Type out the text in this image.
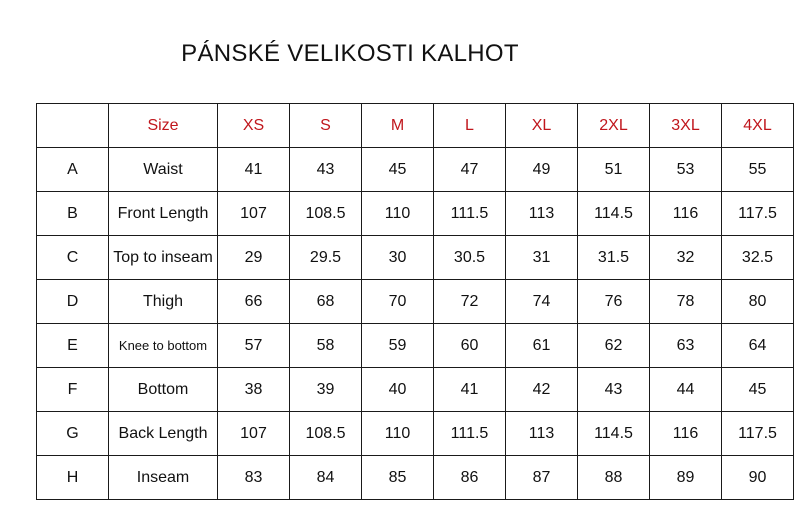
PÁNSKÉ VELIKOSTI KALHOT
	Size	XS	S	M	L	XL	2XL	3XL	4XL
A	Waist	41	43	45	47	49	51	53	55
B	Front Length	107	108.5	110	111.5	113	114.5	116	117.5
C	Top to inseam	29	29.5	30	30.5	31	31.5	32	32.5
D	Thigh	66	68	70	72	74	76	78	80
E	Knee to bottom	57	58	59	60	61	62	63	64
F	Bottom	38	39	40	41	42	43	44	45
G	Back Length	107	108.5	110	111.5	113	114.5	116	117.5
H	Inseam	83	84	85	86	87	88	89	90
